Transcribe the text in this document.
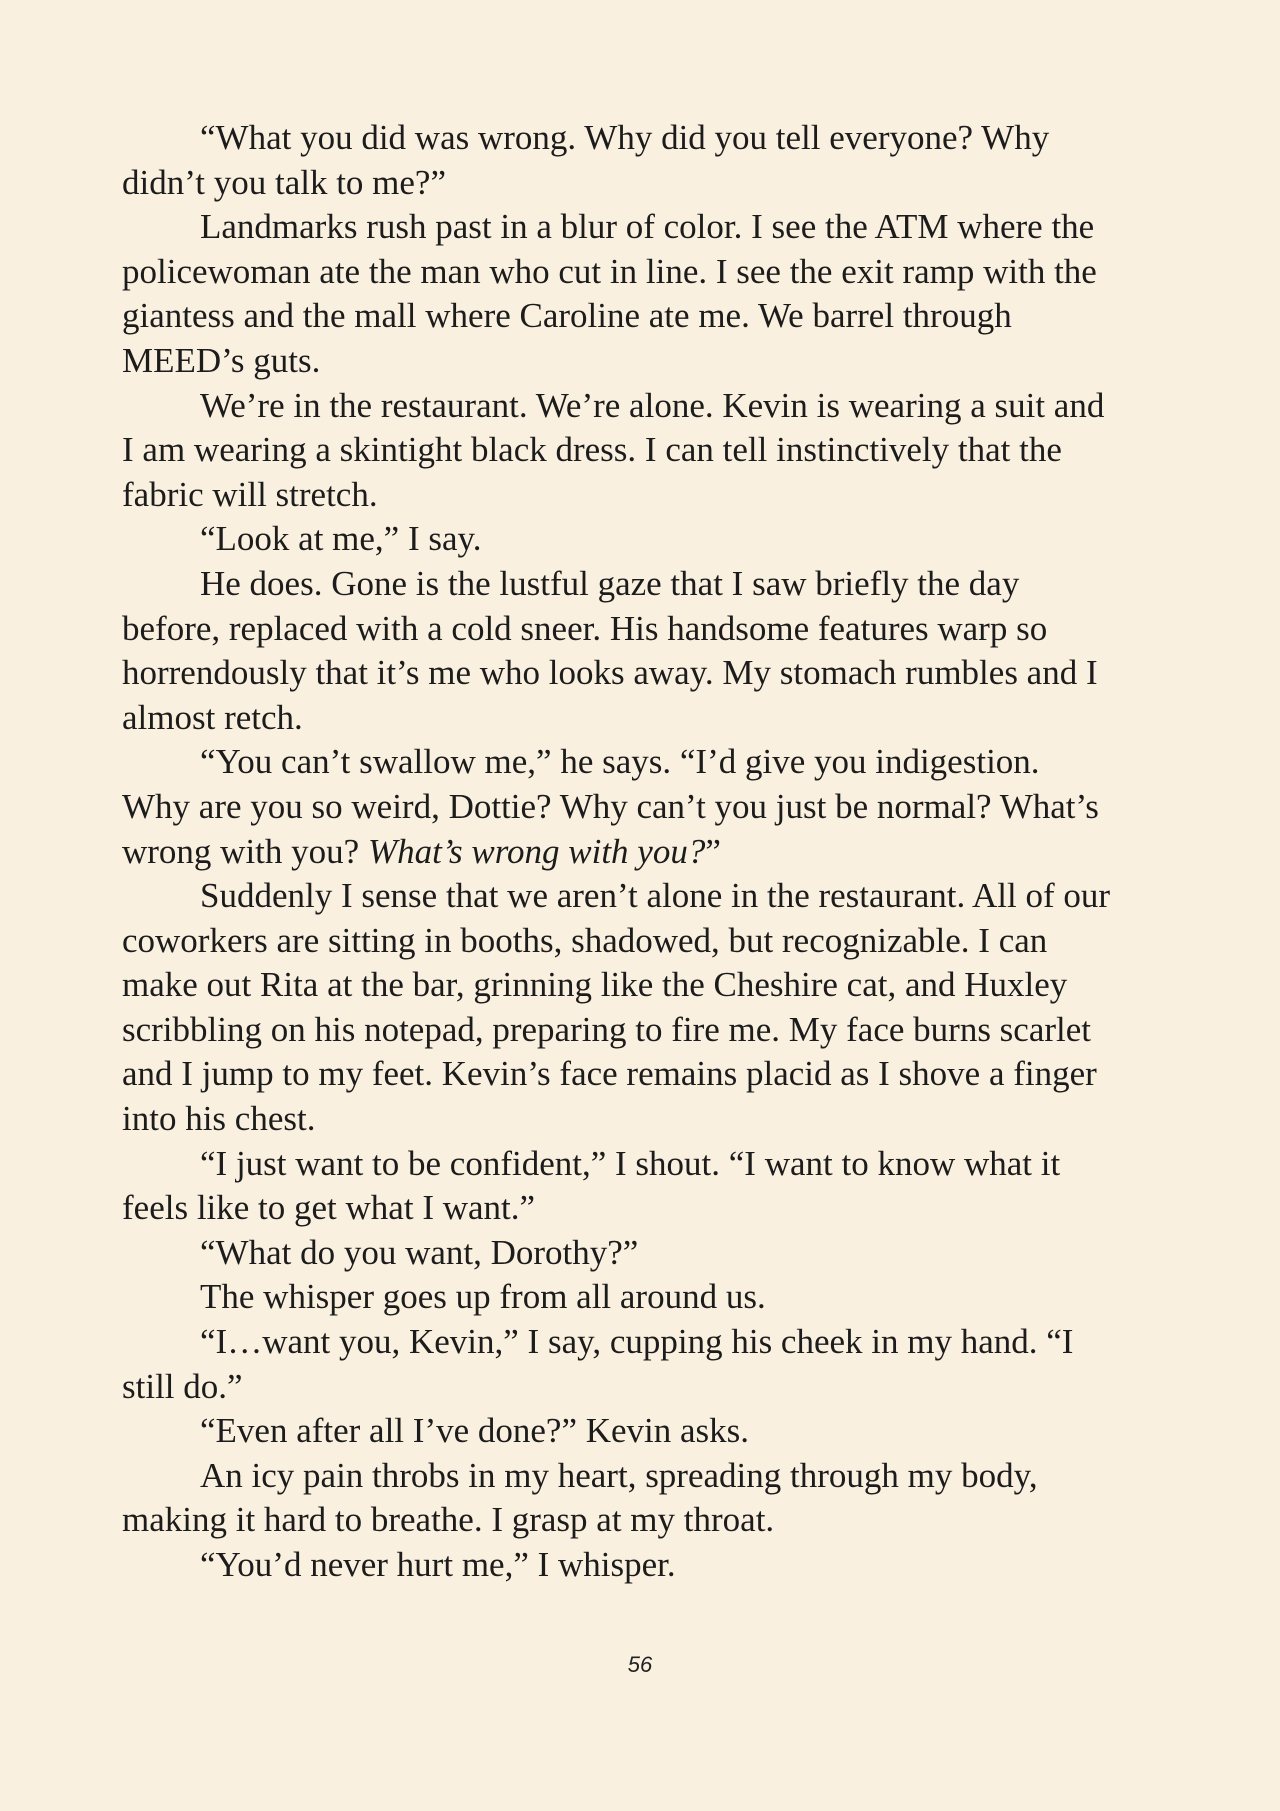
“What you did was wrong. Why did you tell everyone? Why
didn’t you talk to me?”
Landmarks rush past in a blur of color. I see the ATM where the
policewoman ate the man who cut in line. I see the exit ramp with the
giantess and the mall where Caroline ate me. We barrel through
MEED’s guts.
We’re in the restaurant. We’re alone. Kevin is wearing a suit and
I am wearing a skintight black dress. I can tell instinctively that the
fabric will stretch.
“Look at me,” I say.
He does. Gone is the lustful gaze that I saw briefly the day
before, replaced with a cold sneer. His handsome features warp so
horrendously that it’s me who looks away. My stomach rumbles and I
almost retch.
“You can’t swallow me,” he says. “I’d give you indigestion.
Why are you so weird, Dottie? Why can’t you just be normal? What’s
wrong with you? What’s wrong with you?”
Suddenly I sense that we aren’t alone in the restaurant. All of our
coworkers are sitting in booths, shadowed, but recognizable. I can
make out Rita at the bar, grinning like the Cheshire cat, and Huxley
scribbling on his notepad, preparing to fire me. My face burns scarlet
and I jump to my feet. Kevin’s face remains placid as I shove a finger
into his chest.
“I just want to be confident,” I shout. “I want to know what it
feels like to get what I want.”
“What do you want, Dorothy?”
The whisper goes up from all around us.
“I…want you, Kevin,” I say, cupping his cheek in my hand. “I
still do.”
“Even after all I’ve done?” Kevin asks.
An icy pain throbs in my heart, spreading through my body,
making it hard to breathe. I grasp at my throat.
“You’d never hurt me,” I whisper.
56
